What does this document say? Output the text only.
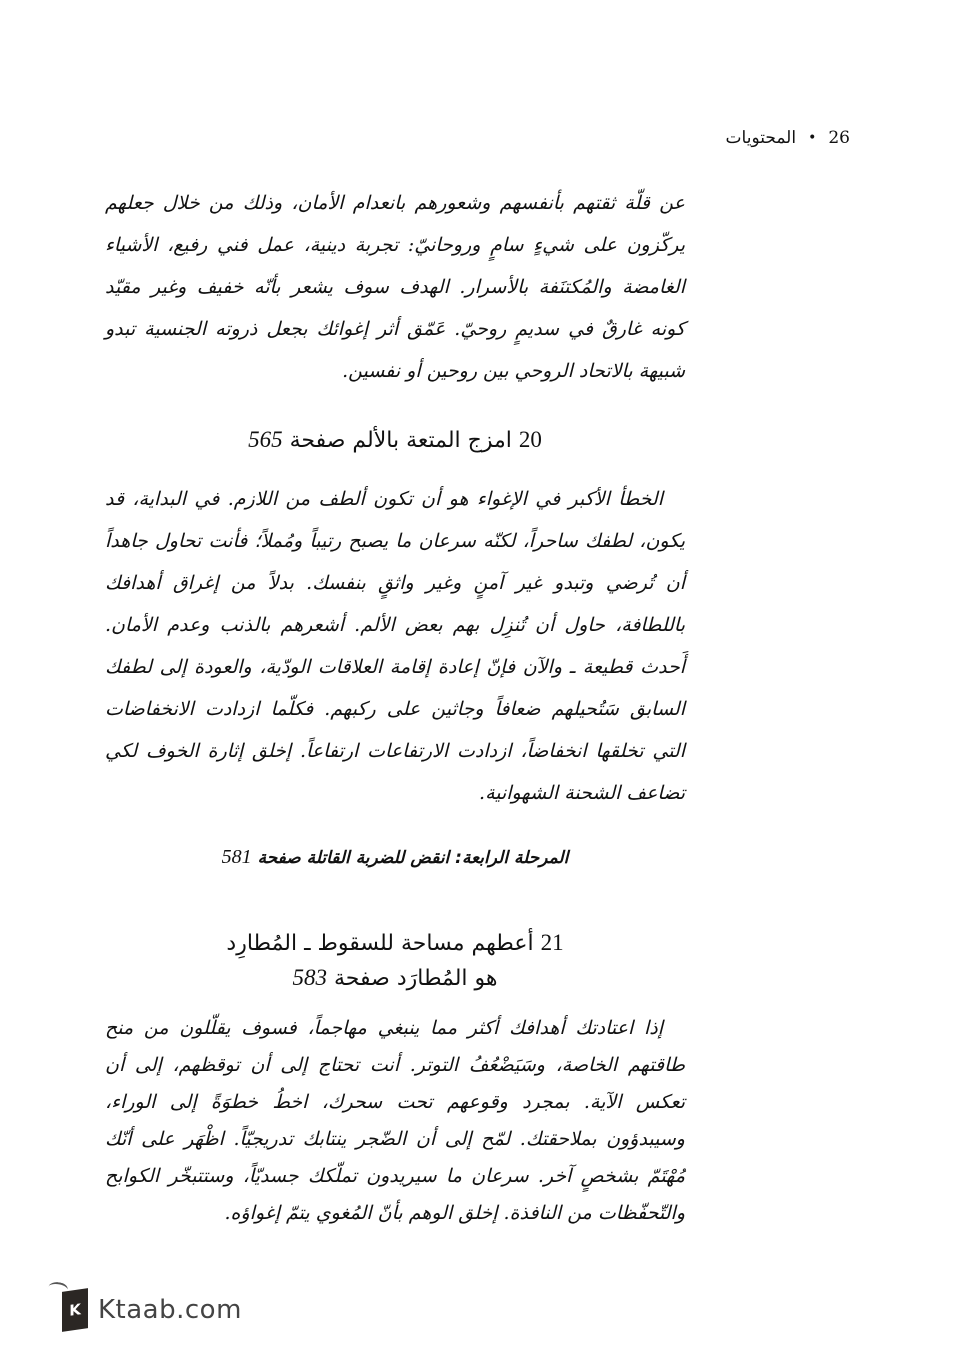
26
•
المحتويات
عن قلّة ثقتهم بأنفسهم وشعورهم بانعدام الأمان، وذلك من خلال جعلهم
يركّزون على شيءٍ سامٍ وروحانيّ: تجربة دينية، عمل فني رفيع، الأشياء
الغامضة والمُكتنَفة بالأسرار. الهدف سوف يشعر بأنّه خفيف وغير مقيّد
كونه غارقٌ في سديمٍ روحيّ. عَمّق أثر إغوائك بجعل ذروته الجنسية تبدو
شبيهة بالاتحاد الروحي بين روحين أو نفسين.
20 امزج المتعة بالألم صفحة 565
الخطأ الأكبر في الإغواء هو أن تكون ألطف من اللازم. في البداية، قد
يكون، لطفك ساحراً، لكنّه سرعان ما يصبح رتيباً ومُملاً؛ فأنت تحاول جاهداً
أن تُرضي وتبدو غير آمنٍ وغير واثقٍ بنفسك. بدلاً من إغراق أهدافك
باللطافة، حاول أن تُنزِل بهم بعض الألم. أشعرهم بالذنب وعدم الأمان.
أَحدث قطيعة ـ والآن فإنّ إعادة إقامة العلاقات الودّية، والعودة إلى لطفك
السابق سَتُحيلهم ضعافاً وجاثين على ركبهم. فكلّما ازدادت الانخفاضات
التي تخلقها انخفاضاً، ازدادت الارتفاعات ارتفاعاً. إخلق إثارة الخوف لكي
تضاعف الشحنة الشهوانية.
المرحلة الرابعة: انقض للضربة القاتلة صفحة 581
21 أعطهم مساحة للسقوط ـ المُطارِد
هو المُطارَد صفحة 583
إذا اعتادتك أهدافك أكثر مما ينبغي مهاجماً، فسوف يقلّلون من منح
طاقتهم الخاصة، وسَيَضْعُفُ التوتر. أنت تحتاج إلى أن توقظهم، إلى أن
تعكس الآية. بمجرد وقوعهم تحت سحرك، اخطُ خطوَةً إلى الوراء،
وسيبدؤون بملاحقتك. لمّح إلى أن الضّجر ينتابك تدريجيّاً. اظْهَر على أنّك
مُهْتَمّ بشخصٍ آخر. سرعان ما سيريدون تملّكك جسديّاً، وستتبخّر الكوابح
والتّحفّظات من النافذة. إخلق الوهم بأنّ المُغوي يتمّ إغواؤه.
K Ktaab.com
